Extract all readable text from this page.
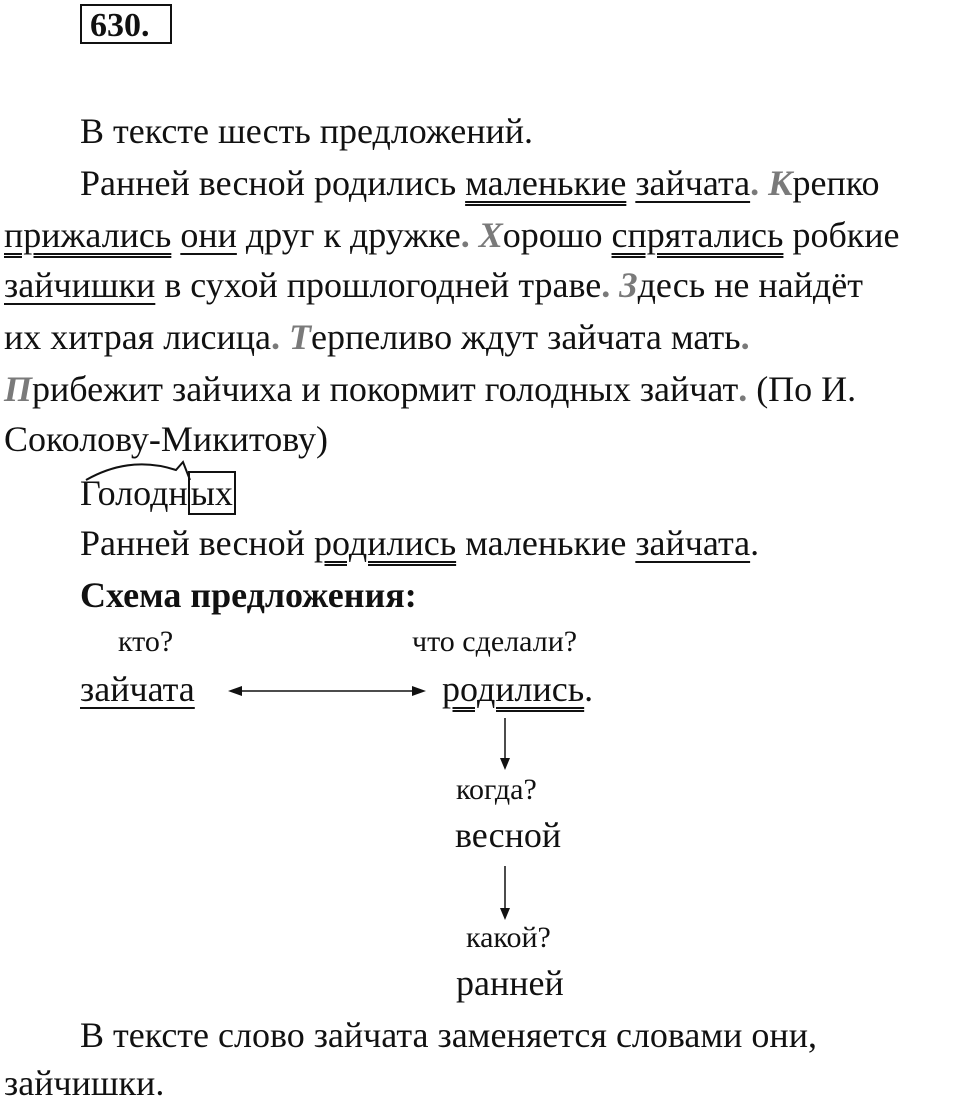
630.
В тексте шесть предложений.
Ранней весной родились маленькие зайчата. Крепко
прижались они друг к дружке. Хорошо спрятались робкие
зайчишки в сухой прошлогодней траве. Здесь не найдёт
их хитрая лисица. Терпеливо ждут зайчата мать.
Прибежит зайчиха и покормит голодных зайчат. (По И.
Соколову-Микитову)
Голодных
Ранней весной родились маленькие зайчата.
Схема предложения:
кто?	что сделали?
зайчата	родились.
когда?
весной
какой?
ранней
В тексте слово зайчата заменяется словами они,
зайчишки.
